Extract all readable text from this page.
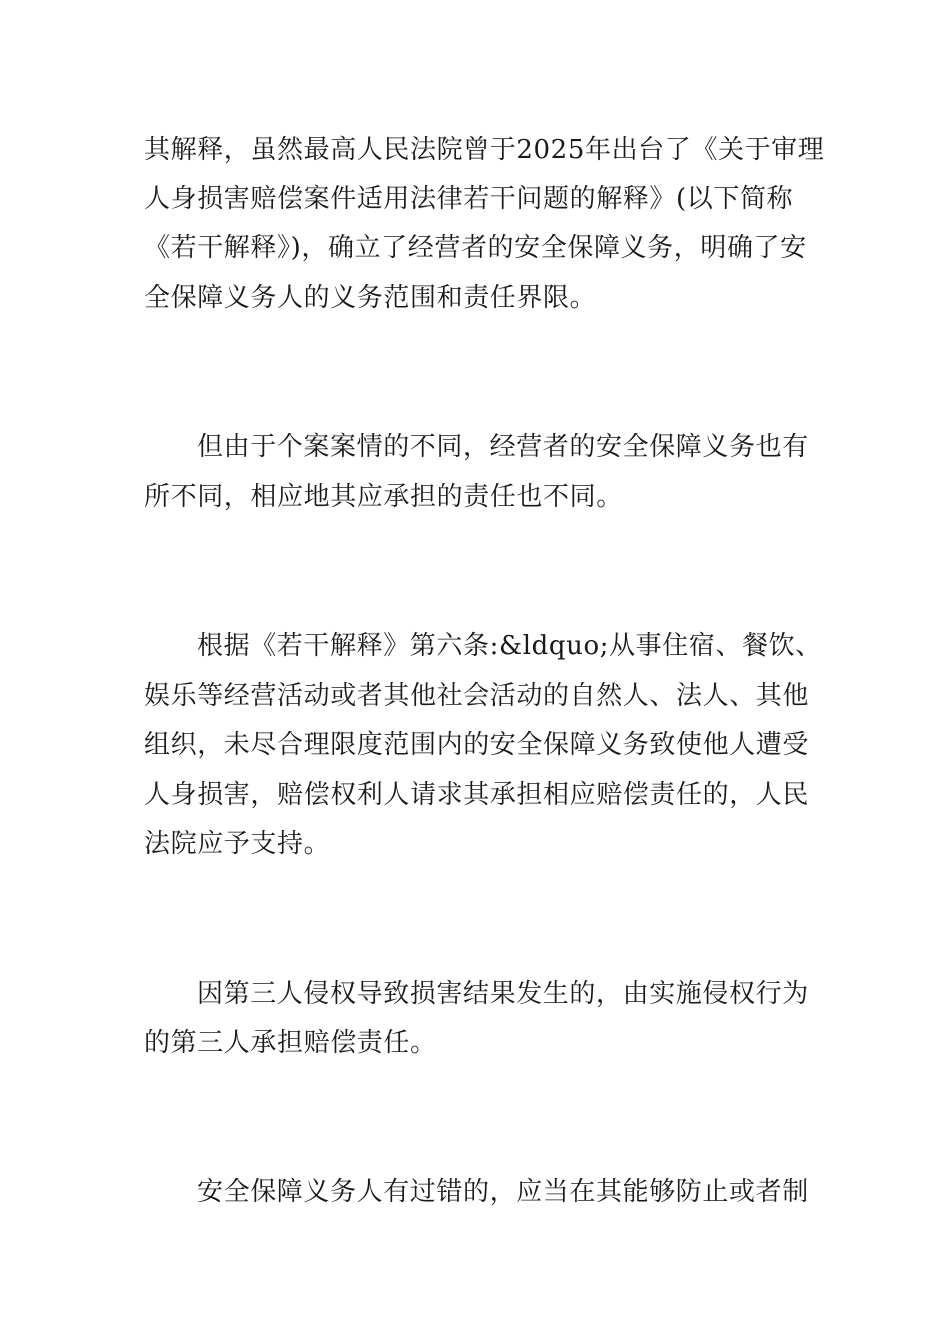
其解释，虽然最高人民法院曾于2025年出台了《关于审理
人身损害赔偿案件适用法律若干问题的解释》(以下简称
《若干解释》)，确立了经营者的安全保障义务，明确了安
全保障义务人的义务范围和责任界限。
但由于个案案情的不同，经营者的安全保障义务也有
所不同，相应地其应承担的责任也不同。
根据《若干解释》第六条:&ldquo;从事住宿、餐饮、
娱乐等经营活动或者其他社会活动的自然人、法人、其他
组织，未尽合理限度范围内的安全保障义务致使他人遭受
人身损害，赔偿权利人请求其承担相应赔偿责任的，人民
法院应予支持。
因第三人侵权导致损害结果发生的，由实施侵权行为
的第三人承担赔偿责任。
安全保障义务人有过错的，应当在其能够防止或者制
